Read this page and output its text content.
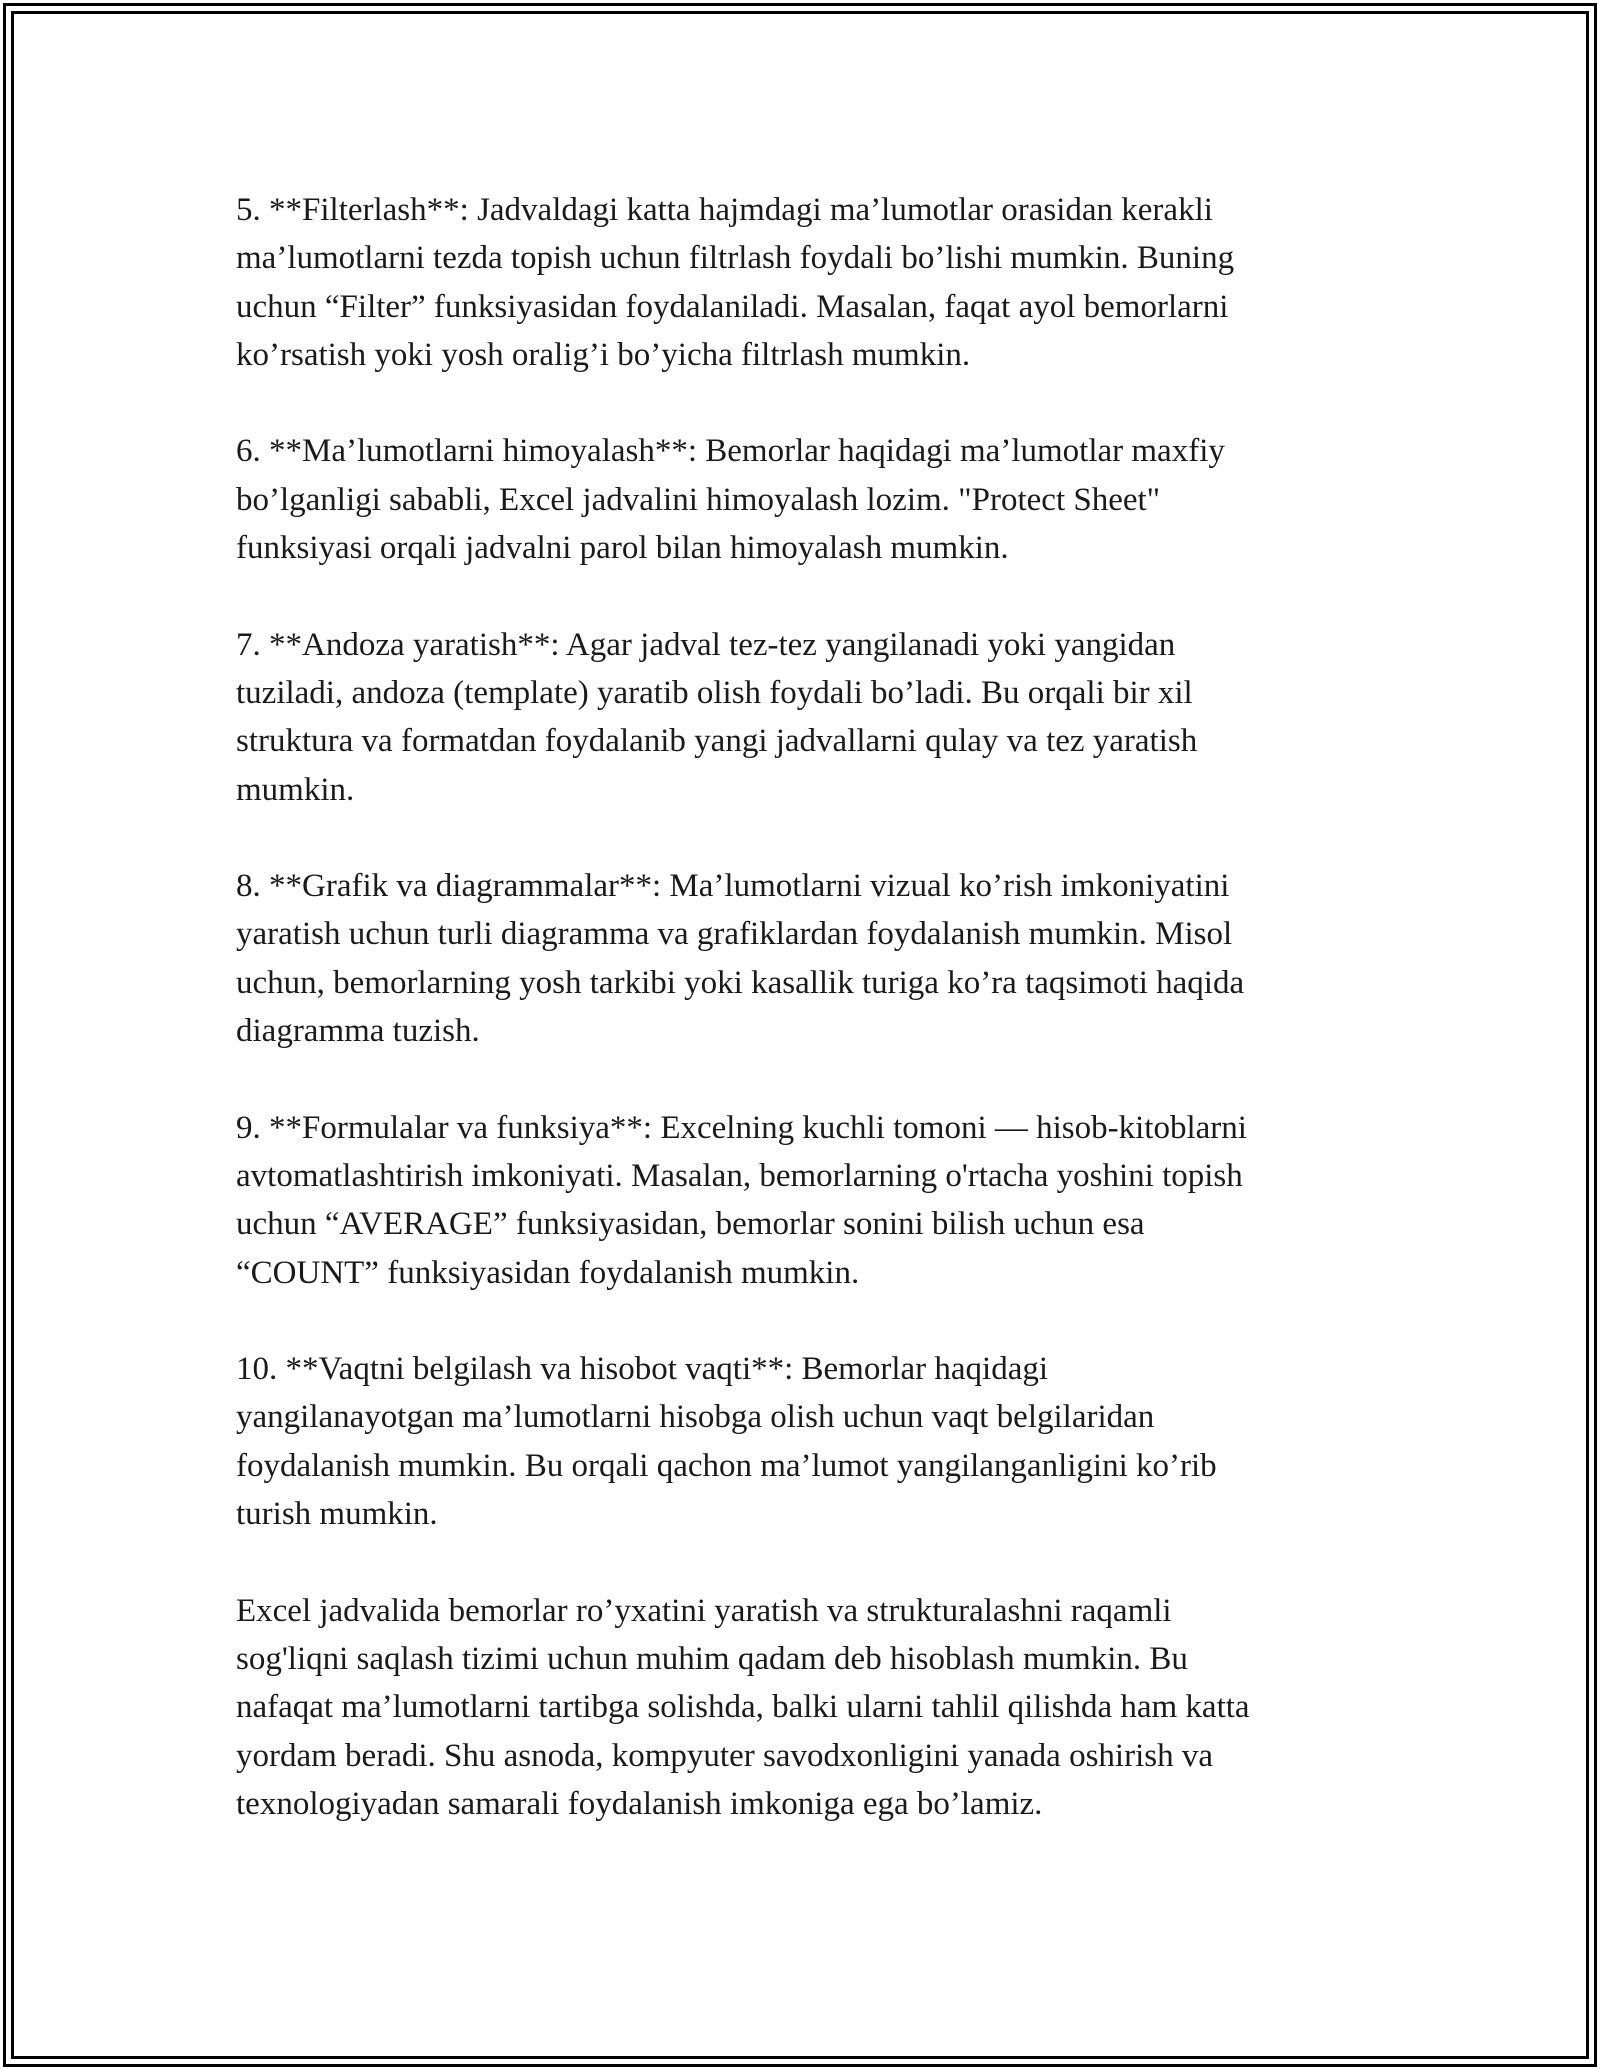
5. **Filterlash**: Jadvaldagi katta hajmdagi ma’lumotlar orasidan kerakli
ma’lumotlarni tezda topish uchun filtrlash foydali bo’lishi mumkin. Buning
uchun “Filter” funksiyasidan foydalaniladi. Masalan, faqat ayol bemorlarni
ko’rsatish yoki yosh oralig’i bo’yicha filtrlash mumkin.

6. **Ma’lumotlarni himoyalash**: Bemorlar haqidagi ma’lumotlar maxfiy
bo’lganligi sababli, Excel jadvalini himoyalash lozim. "Protect Sheet"
funksiyasi orqali jadvalni parol bilan himoyalash mumkin.

7. **Andoza yaratish**: Agar jadval tez-tez yangilanadi yoki yangidan
tuziladi, andoza (template) yaratib olish foydali bo’ladi. Bu orqali bir xil
struktura va formatdan foydalanib yangi jadvallarni qulay va tez yaratish
mumkin.

8. **Grafik va diagrammalar**: Ma’lumotlarni vizual ko’rish imkoniyatini
yaratish uchun turli diagramma va grafiklardan foydalanish mumkin. Misol
uchun, bemorlarning yosh tarkibi yoki kasallik turiga ko’ra taqsimoti haqida
diagramma tuzish.

9. **Formulalar va funksiya**: Excelning kuchli tomoni — hisob-kitoblarni
avtomatlashtirish imkoniyati. Masalan, bemorlarning o'rtacha yoshini topish
uchun “AVERAGE” funksiyasidan, bemorlar sonini bilish uchun esa
“COUNT” funksiyasidan foydalanish mumkin.

10. **Vaqtni belgilash va hisobot vaqti**: Bemorlar haqidagi
yangilanayotgan ma’lumotlarni hisobga olish uchun vaqt belgilaridan
foydalanish mumkin. Bu orqali qachon ma’lumot yangilanganligini ko’rib
turish mumkin.

Excel jadvalida bemorlar ro’yxatini yaratish va strukturalashni raqamli
sog'liqni saqlash tizimi uchun muhim qadam deb hisoblash mumkin. Bu
nafaqat ma’lumotlarni tartibga solishda, balki ularni tahlil qilishda ham katta
yordam beradi. Shu asnoda, kompyuter savodxonligini yanada oshirish va
texnologiyadan samarali foydalanish imkoniga ega bo’lamiz.
